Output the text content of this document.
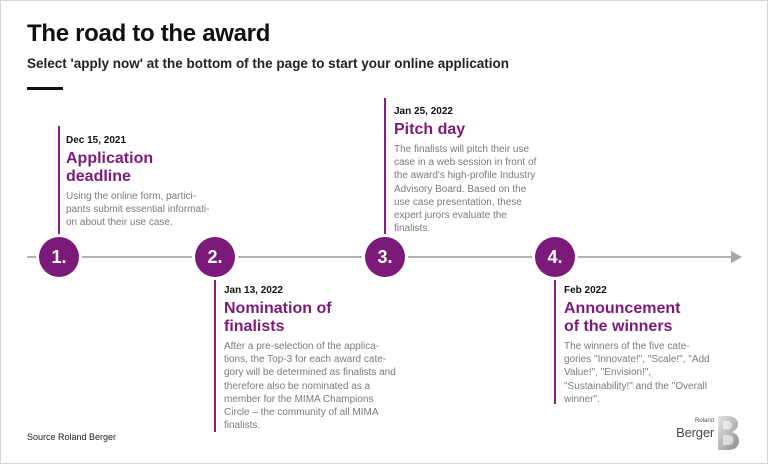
The road to the award
Select 'apply now' at the bottom of the page to start your online application
1.	2.	3.	4.
Dec 15, 2021
Application deadline
Using the online form, partici- pants submit essential informati- on about their use case.
Jan 13, 2022
Nomination of finalists
After a pre-selection of the applica- tions, the Top-3 for each award cate- gory will be determined as finalists and therefore also be nominated as a member for the MIMA Champions Circle – the community of all MIMA finalists.
Jan 25, 2022
Pitch day
The finalists will pitch their use case in a web session in front of the award's high-profile Industry Advisory Board. Based on the use case presentation, these expert jurors evaluate the finalists.
Feb 2022
Announcement of the winners
The winners of the five cate- gories "Innovate!", "Scale!", "Add Value!", "Envision!", "Sustainability!" and the "Overall winner".
Source Roland Berger
Roland
Berger
